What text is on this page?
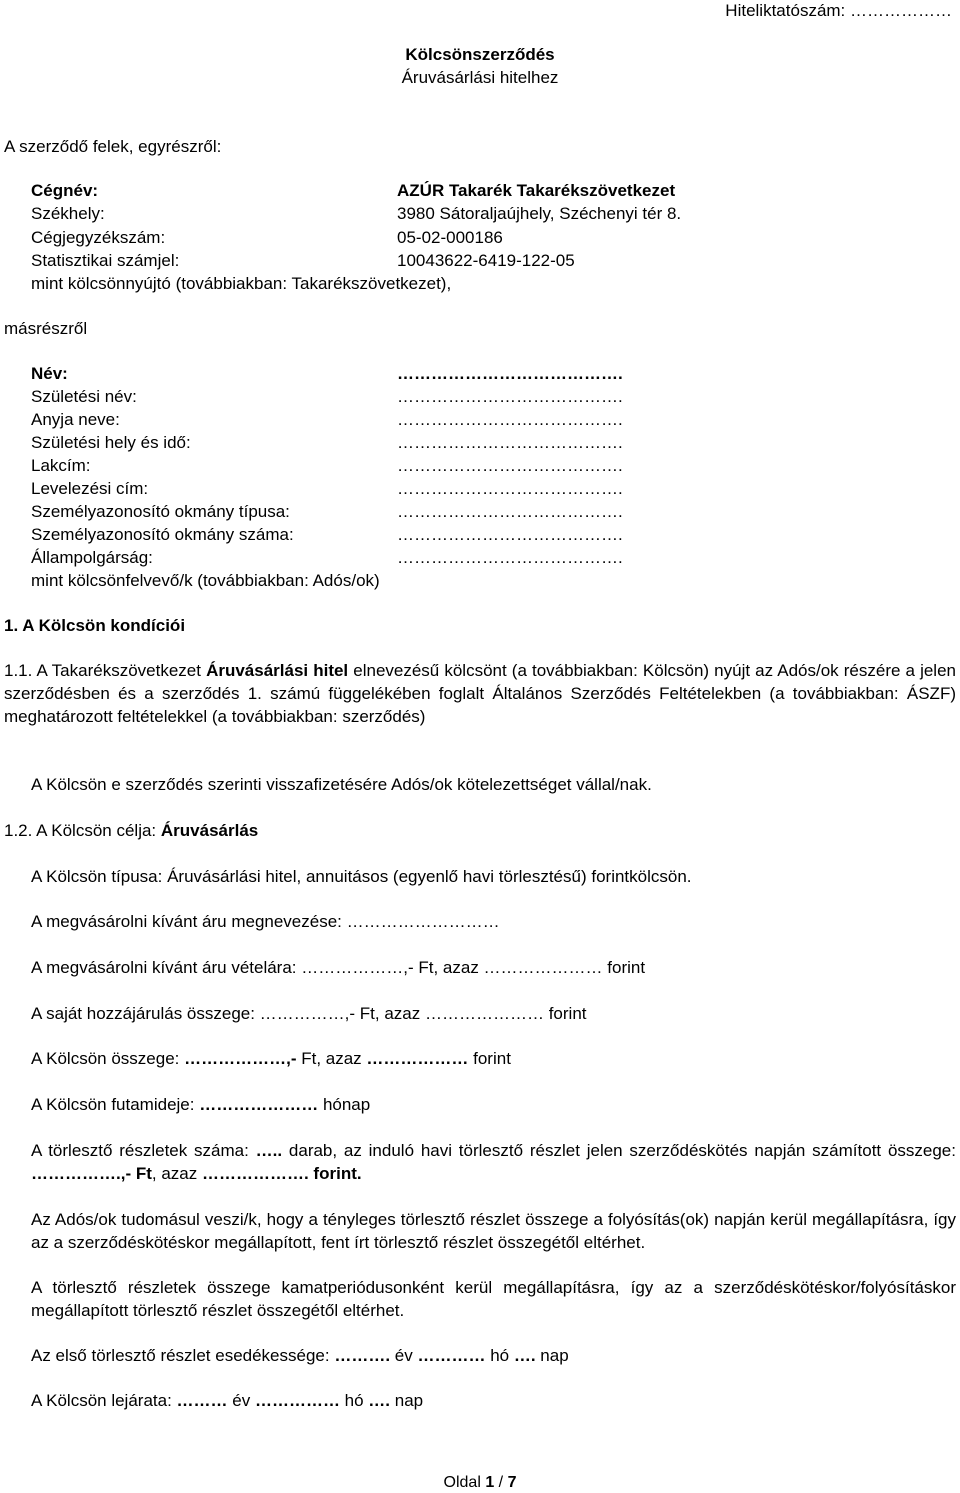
Hiteliktatószám: ………………
Kölcsönszerződés
Áruvásárlási hitelhez
A szerződő felek, egyrészről:
Cégnév:	AZÚR Takarék Takarékszövetkezet
Székhely:	3980 Sátoraljaújhely, Széchenyi tér 8.
Cégjegyzékszám:	05-02-000186
Statisztikai számjel:	10043622-6419-122-05
mint kölcsönnyújtó (továbbiakban: Takarékszövetkezet),
másrészről
Név:	………………………………….
Születési név:	………………………………….
Anyja neve:	………………………………….
Születési hely és idő:	………………………………….
Lakcím:	………………………………….
Levelezési cím:	………………………………….
Személyazonosító okmány típusa:	………………………………….
Személyazonosító okmány száma:	………………………………….
Állampolgárság:	………………………………….
mint kölcsönfelvevő/k (továbbiakban: Adós/ok)
1. A Kölcsön kondíciói

1.1. A Takarékszövetkezet Áruvásárlási hitel elnevezésű kölcsönt (a továbbiakban: Kölcsön) nyújt az Adós/ok részére a jelen szerződésben és a szerződés 1. számú függelékében foglalt Általános Szerződés Feltételekben (a továbbiakban: ÁSZF) meghatározott feltételekkel (a továbbiakban: szerződés)

A Kölcsön e szerződés szerinti visszafizetésére Adós/ok kötelezettséget vállal/nak.
1.2. A Kölcsön célja: Áruvásárlás
A Kölcsön típusa: Áruvásárlási hitel, annuitásos (egyenlő havi törlesztésű) forintkölcsön.
A megvásárolni kívánt áru megnevezése: ………………………
A megvásárolni kívánt áru vételára: ………………,- Ft, azaz ………………… forint
A saját hozzájárulás összege: ……………,- Ft, azaz ………………… forint
A Kölcsön összege: ………………,- Ft, azaz ……………… forint
A Kölcsön futamideje: ………………… hónap

A törlesztő részletek száma: ….. darab, az induló havi törlesztő részlet jelen szerződéskötés napján számított összege: …………….,- Ft, azaz ………………. forint.

Az Adós/ok tudomásul veszi/k, hogy a tényleges törlesztő részlet összege a folyósítás(ok) napján kerül megállapításra, így az a szerződéskötéskor megállapított, fent írt törlesztő részlet összegétől eltérhet.

A törlesztő részletek összege kamatperiódusonként kerül megállapításra, így az a szerződéskötéskor/folyósításkor megállapított törlesztő részlet összegétől eltérhet.

Az első törlesztő részlet esedékessége: ………. év ………… hó …. nap
A Kölcsön lejárata: ……… év …………… hó …. nap
Oldal 1 / 7
